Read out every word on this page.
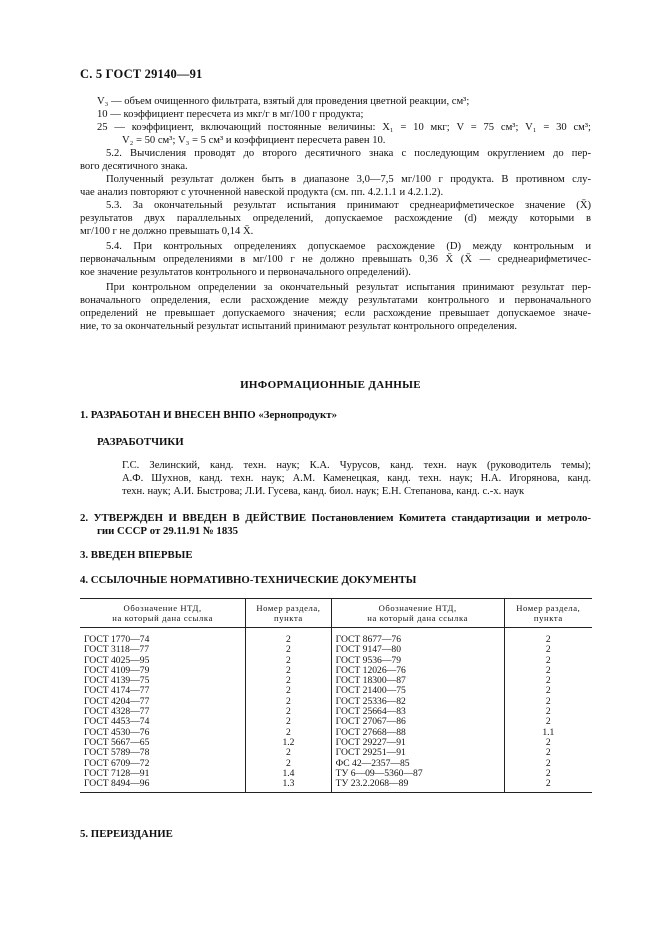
С. 5 ГОСТ 29140—91
V₃ — объем очищенного фильтрата, взятый для проведения цветной реакции, см³;
10 — коэффициент пересчета из мкг/г в мг/100 г продукта;
25 — коэффициент, включающий постоянные величины: X₁ = 10 мкг; V = 75 см³; V₁ = 30 см³;
V₂ = 50 см³; V₃ = 5 см³ и коэффициент пересчета равен 10.
5.2. Вычисления проводят до второго десятичного знака с последующим округлением до пер-
вого десятичного знака.
Полученный результат должен быть в диапазоне 3,0—7,5 мг/100 г продукта. В противном слу-
чае анализ повторяют с уточненной навеской продукта (см. пп. 4.2.1.1 и 4.2.1.2).
5.3. За окончательный результат испытания принимают среднеарифметическое значение (X̄)
результатов двух параллельных определений, допускаемое расхождение (d) между которыми в
мг/100 г не должно превышать 0,14 X̄.
5.4. При контрольных определениях допускаемое расхождение (D) между контрольным и
первоначальным определениями в мг/100 г не должно превышать 0,36 X̄ (X̄ — среднеарифметичес-
кое значение результатов контрольного и первоначального определений).
При контрольном определении за окончательный результат испытания принимают результат пер-
воначального определения, если расхождение между результатами контрольного и первоначального
определений не превышает допускаемого значения; если расхождение превышает допускаемое значе-
ние, то за окончательный результат испытаний принимают результат контрольного определения.
ИНФОРМАЦИОННЫЕ ДАННЫЕ
1. РАЗРАБОТАН И ВНЕСЕН ВНПО «Зернопродукт»
РАЗРАБОТЧИКИ
Г.С. Зелинский, канд. техн. наук; К.А. Чурусов, канд. техн. наук (руководитель темы);
А.Ф. Шухнов, канд. техн. наук; А.М. Каменецкая, канд. техн. наук; Н.А. Игорянова, канд.
техн. наук; А.И. Быстрова; Л.И. Гусева, канд. биол. наук; Е.Н. Степанова, канд. с.-х. наук
2. УТВЕРЖДЕН И ВВЕДЕН В ДЕЙСТВИЕ Постановлением Комитета стандартизации и метроло-
гии СССР от 29.11.91 № 1835
3. ВВЕДЕН ВПЕРВЫЕ
4. ССЫЛОЧНЫЕ НОРМАТИВНО-ТЕХНИЧЕСКИЕ ДОКУМЕНТЫ
Обозначение НТД,
на который дана ссылка	Номер раздела,
пункта	Обозначение НТД,
на который дана ссылка	Номер раздела,
пункта
ГОСТ 1770—74	2	ГОСТ 8677—76	2
ГОСТ 3118—77	2	ГОСТ 9147—80	2
ГОСТ 4025—95	2	ГОСТ 9536—79	2
ГОСТ 4109—79	2	ГОСТ 12026—76	2
ГОСТ 4139—75	2	ГОСТ 18300—87	2
ГОСТ 4174—77	2	ГОСТ 21400—75	2
ГОСТ 4204—77	2	ГОСТ 25336—82	2
ГОСТ 4328—77	2	ГОСТ 25664—83	2
ГОСТ 4453—74	2	ГОСТ 27067—86	2
ГОСТ 4530—76	2	ГОСТ 27668—88	1.1
ГОСТ 5667—65	1.2	ГОСТ 29227—91	2
ГОСТ 5789—78	2	ГОСТ 29251—91	2
ГОСТ 6709—72	2	ФС 42—2357—85	2
ГОСТ 7128—91	1.4	ТУ 6—09—5360—87	2
ГОСТ 8494—96	1.3	ТУ 23.2.2068—89	2
5. ПЕРЕИЗДАНИЕ
